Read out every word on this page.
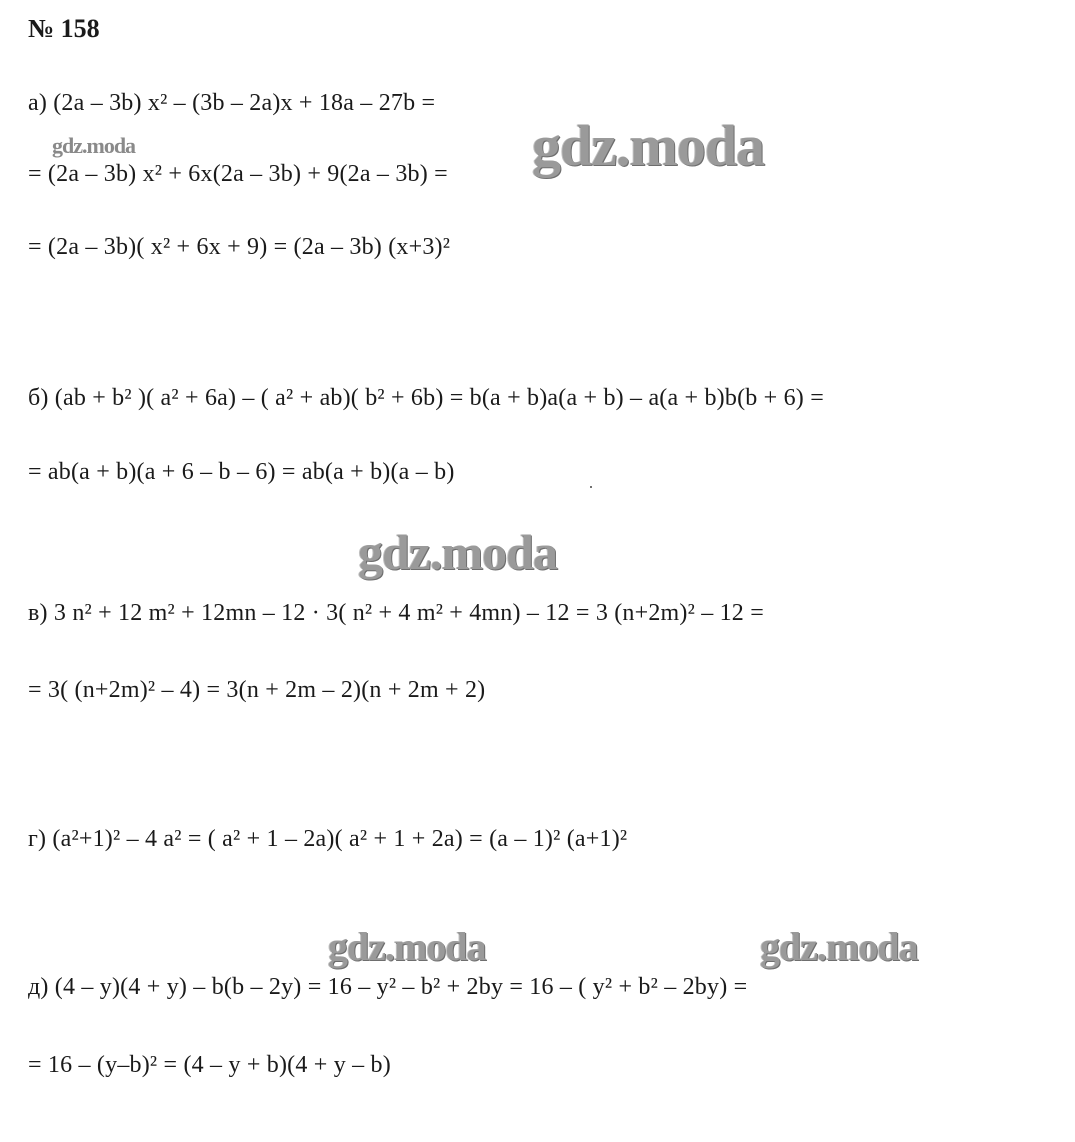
№ 158
а) (2a – 3b) x² – (3b – 2a)x + 18a – 27b =
gdz.moda	gdz.moda
= (2a – 3b) x² + 6x(2a – 3b) + 9(2a – 3b) =
= (2a – 3b)( x² + 6x + 9) = (2a – 3b) (x+3)²
б) (ab + b² )( a² + 6a) – ( a² + ab)( b² + 6b) = b(a + b)a(a + b) – a(a + b)b(b + 6) =
= ab(a + b)(a + 6 – b – 6) = ab(a + b)(a – b)
gdz.moda
в) 3 n² + 12 m² + 12mn – 12 · 3( n² + 4 m² + 4mn) – 12 = 3 (n+2m)² – 12 =
= 3( (n+2m)² – 4) = 3(n + 2m – 2)(n + 2m + 2)
г) (a²+1)² – 4 a² = ( a² + 1 – 2a)( a² + 1 + 2a) = (a – 1)² (a+1)²
gdz.moda	gdz.moda
д) (4 – y)(4 + y) – b(b – 2y) = 16 – y² – b² + 2by = 16 – ( y² + b² – 2by) =
= 16 – (y–b)² = (4 – y + b)(4 + y – b)
